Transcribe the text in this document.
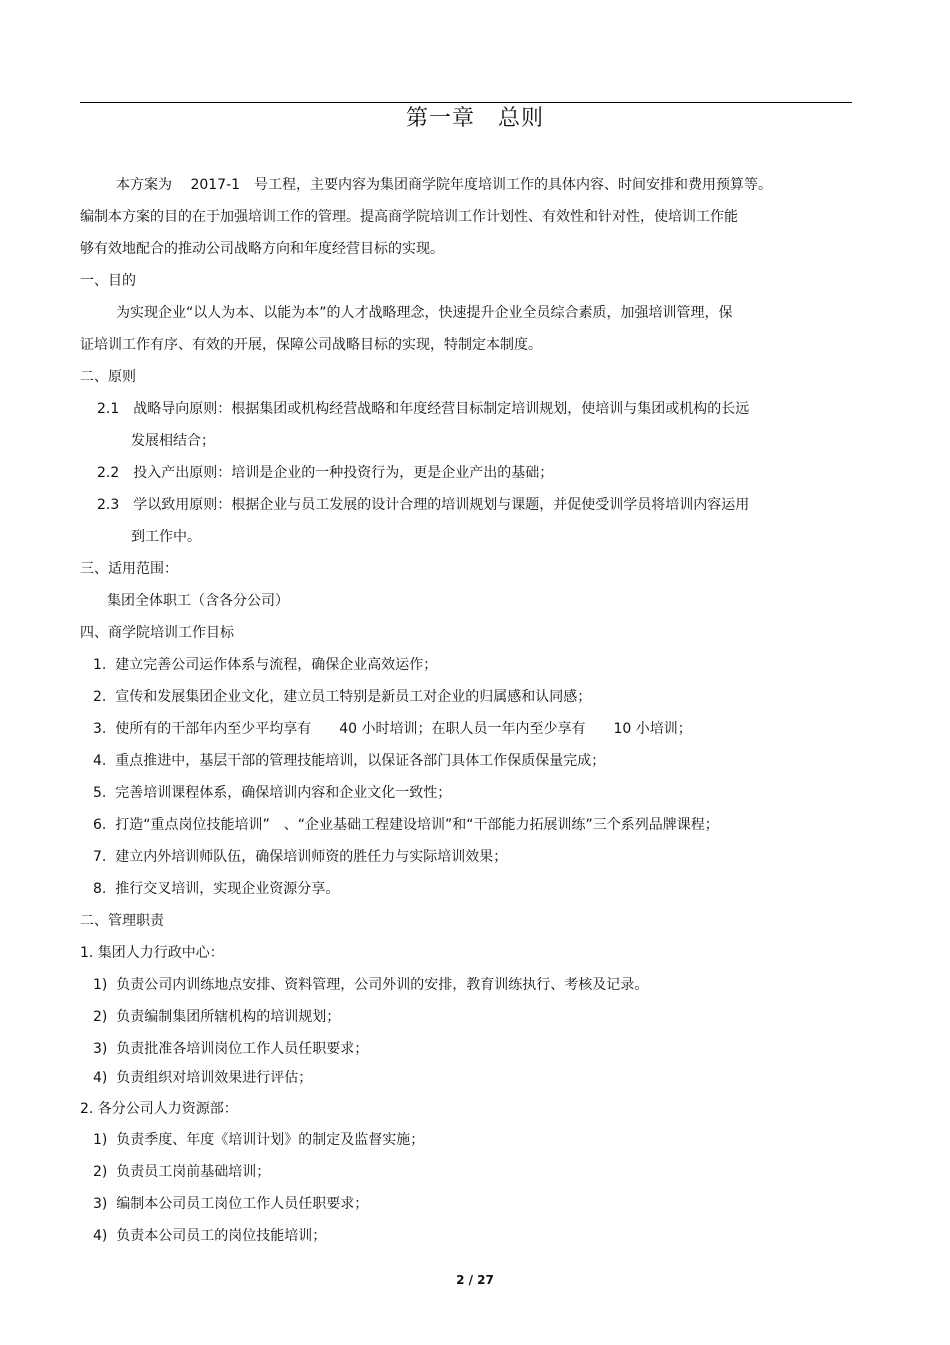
第一章　总则
本方案为　 2017-1　号工程，主要内容为集团商学院年度培训工作的具体内容、时间安排和费用预算等。
编制本方案的目的在于加强培训工作的管理。提高商学院培训工作计划性、有效性和针对性，使培训工作能
够有效地配合的推动公司战略方向和年度经营目标的实现。
一、目的
为实现企业“以人为本、以能为本”的人才战略理念，快速提升企业全员综合素质，加强培训管理，保
证培训工作有序、有效的开展，保障公司战略目标的实现，特制定本制度。
二、原则
2.1　战略导向原则：根据集团或机构经营战略和年度经营目标制定培训规划，使培训与集团或机构的长远
发展相结合；
2.2　投入产出原则：培训是企业的一种投资行为，更是企业产出的基础；
2.3　学以致用原则：根据企业与员工发展的设计合理的培训规划与课题，并促使受训学员将培训内容运用
到工作中。
三、适用范围：
集团全体职工（含各分公司）
四、商学院培训工作目标
1.  建立完善公司运作体系与流程，确保企业高效运作；
2.  宣传和发展集团企业文化，建立员工特别是新员工对企业的归属感和认同感；
3.  使所有的干部年内至少平均享有　　40 小时培训；在职人员一年内至少享有　　10 小培训；
4.  重点推进中，基层干部的管理技能培训，以保证各部门具体工作保质保量完成；
5.  完善培训课程体系，确保培训内容和企业文化一致性；
6.  打造“重点岗位技能培训”　、“企业基础工程建设培训”和“干部能力拓展训练”三个系列品牌课程；
7.  建立内外培训师队伍，确保培训师资的胜任力与实际培训效果；
8.  推行交叉培训，实现企业资源分享。
二、管理职责
1. 集团人力行政中心：
1)  负责公司内训练地点安排、资料管理，公司外训的安排，教育训练执行、考核及记录。
2)  负责编制集团所辖机构的培训规划；
3)  负责批准各培训岗位工作人员任职要求；
4)  负责组织对培训效果进行评估；
2. 各分公司人力资源部：
1)  负责季度、年度《培训计划》的制定及监督实施；
2)  负责员工岗前基础培训；
3)  编制本公司员工岗位工作人员任职要求；
4)  负责本公司员工的岗位技能培训；
2 / 27
